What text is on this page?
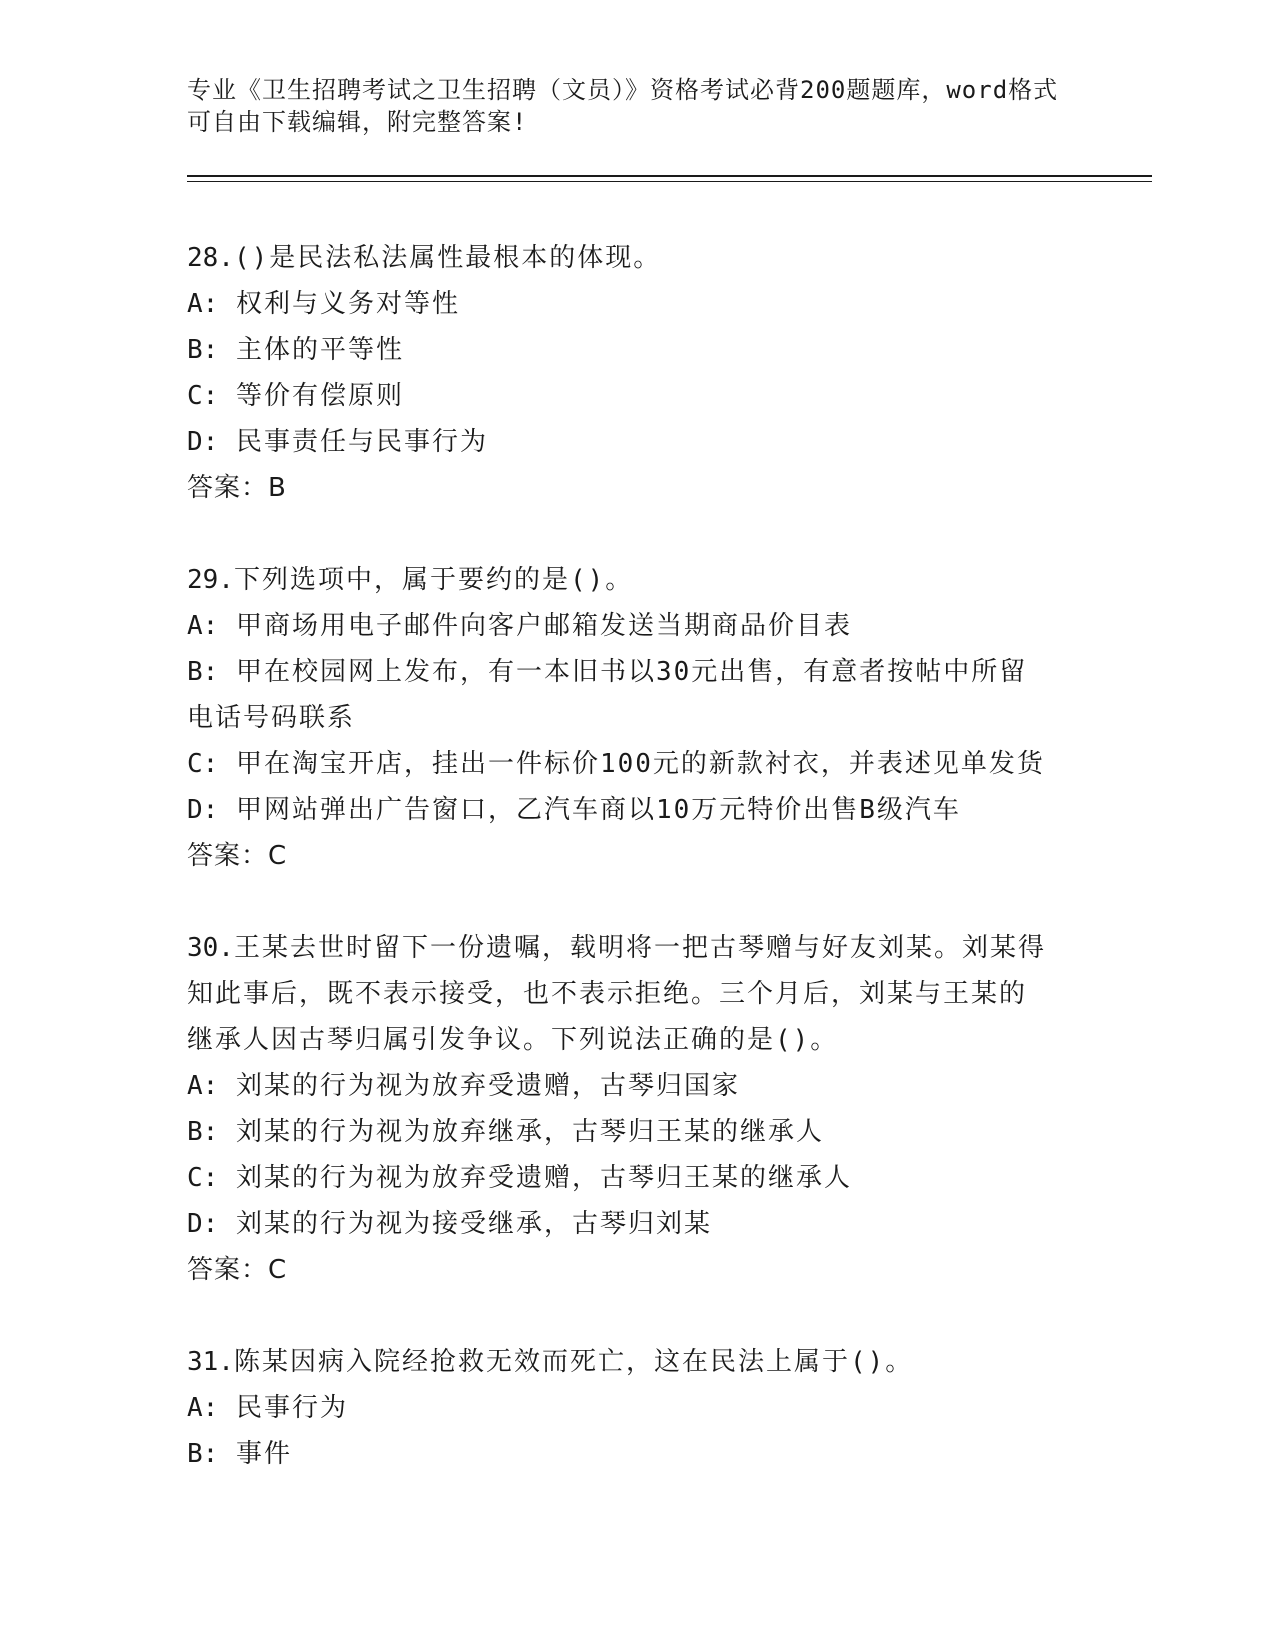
专业《卫生招聘考试之卫生招聘（文员）》资格考试必背200题题库，word格式
可自由下载编辑，附完整答案!
28.()是民法私法属性最根本的体现。
A: 权利与义务对等性
B: 主体的平等性
C: 等价有偿原则
D: 民事责任与民事行为
答案：B
29.下列选项中，属于要约的是()。
A: 甲商场用电子邮件向客户邮箱发送当期商品价目表
B: 甲在校园网上发布，有一本旧书以30元出售，有意者按帖中所留
电话号码联系
C: 甲在淘宝开店，挂出一件标价100元的新款衬衣，并表述见单发货
D: 甲网站弹出广告窗口，乙汽车商以10万元特价出售B级汽车
答案：C
30.王某去世时留下一份遗嘱，载明将一把古琴赠与好友刘某。刘某得
知此事后，既不表示接受，也不表示拒绝。三个月后，刘某与王某的
继承人因古琴归属引发争议。下列说法正确的是()。
A: 刘某的行为视为放弃受遗赠，古琴归国家
B: 刘某的行为视为放弃继承，古琴归王某的继承人
C: 刘某的行为视为放弃受遗赠，古琴归王某的继承人
D: 刘某的行为视为接受继承，古琴归刘某
答案：C
31.陈某因病入院经抢救无效而死亡，这在民法上属于()。
A: 民事行为
B: 事件
